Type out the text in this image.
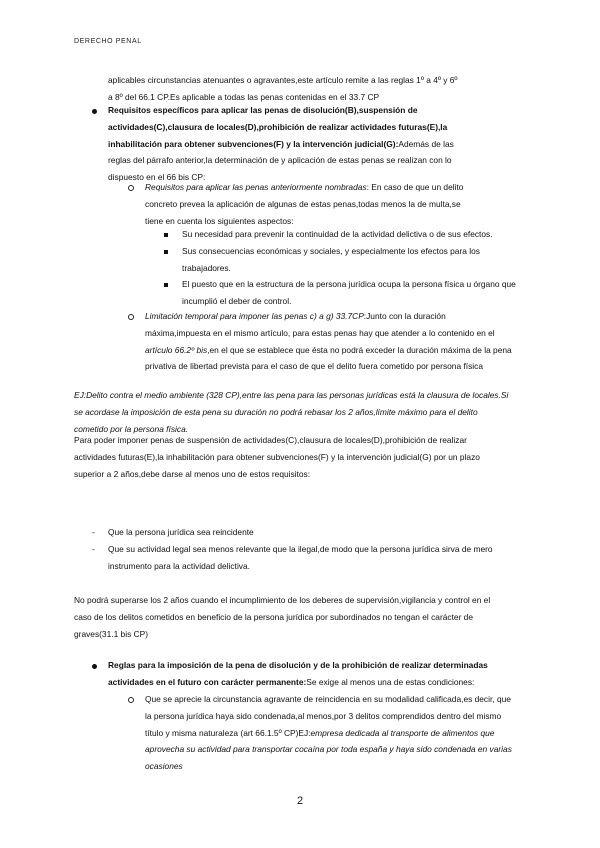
DERECHO PENAL

aplicables circunstancias atenuantes o agravantes,este artículo remite a las reglas 1º a 4º y 6º

a 8º del 66.1 CP.Es aplicable a todas las penas contenidas en el 33.7 CP

Requisitos específicos para aplicar las penas de disolución(B),suspensión de

actividades(C),clausura de locales(D),prohibición de realizar actividades futuras(E),la

inhabilitación para obtener subvenciones(F) y la intervención judicial(G):Además de las

reglas del párrafo anterior,la determinación de y aplicación de estas penas se realizan con lo

dispuesto en el 66 bis CP:

Requisitos para aplicar las penas anteriormente nombradas: En caso de que un delito

concreto prevea la aplicación de algunas de estas penas,todas menos la de multa,se

tiene en cuenta los siguientes aspectos:

Su necesidad para prevenir la continuidad de la actividad delictiva o de sus efectos.

Sus consecuencias económicas y sociales, y especialmente los efectos para los

trabajadores.

El puesto que en la estructura de la persona jurídica ocupa la persona física u órgano que

incumplió el deber de control.

Limitación temporal para imponer las penas c) a g) 33.7CP:Junto con la duración

máxima,impuesta en el mismo artículo, para estas penas hay que atender a lo contenido en el

artículo 66.2º bis,en el que se establece que ésta no podrá exceder la duración máxima de la pena

privativa de libertad prevista para el caso de que el delito fuera cometido por persona física

EJ:Delito contra el medio ambiente (328 CP),entre las pena para las personas jurídicas está la clausura de locales.Si

se acordase la imposición de esta pena su duración no podrá rebasar los 2 años,límite máximo para el delito

cometido por la persona física.

Para poder imponer penas de suspensión de actividades(C),clausura de locales(D),prohibición de realizar

actividades futuras(E),la inhabilitación para obtener subvenciones(F) y la intervención judicial(G) por un plazo

superior a 2 años,debe darse al menos uno de estos requisitos:

- Que la persona jurídica sea reincidente

- Que su actividad legal sea menos relevante que la ilegal,de modo que la persona jurídica sirva de mero

instrumento para la actividad delictiva.

No podrá superarse los 2 años cuando el incumplimiento de los deberes de supervisión,vigilancia y control en el

caso de los delitos cometidos en beneficio de la persona jurídica por subordinados no tengan el carácter de

graves(31.1 bis CP)

Reglas para la imposición de la pena de disolución y de la prohibición de realizar determinadas

actividades en el futuro con carácter permanente:Se exige al menos una de estas condiciones:

Que se aprecie la circunstancia agravante de reincidencia en su modalidad calificada,es decir, que

la persona jurídica haya sido condenada,al menos,por 3 delitos comprendidos dentro del mismo

título y misma naturaleza (art 66.1.5º CP)EJ:empresa dedicada al transporte de alimentos que

aprovecha su actividad para transportar cocaína por toda españa y haya sido condenada en varias

ocasiones

2
